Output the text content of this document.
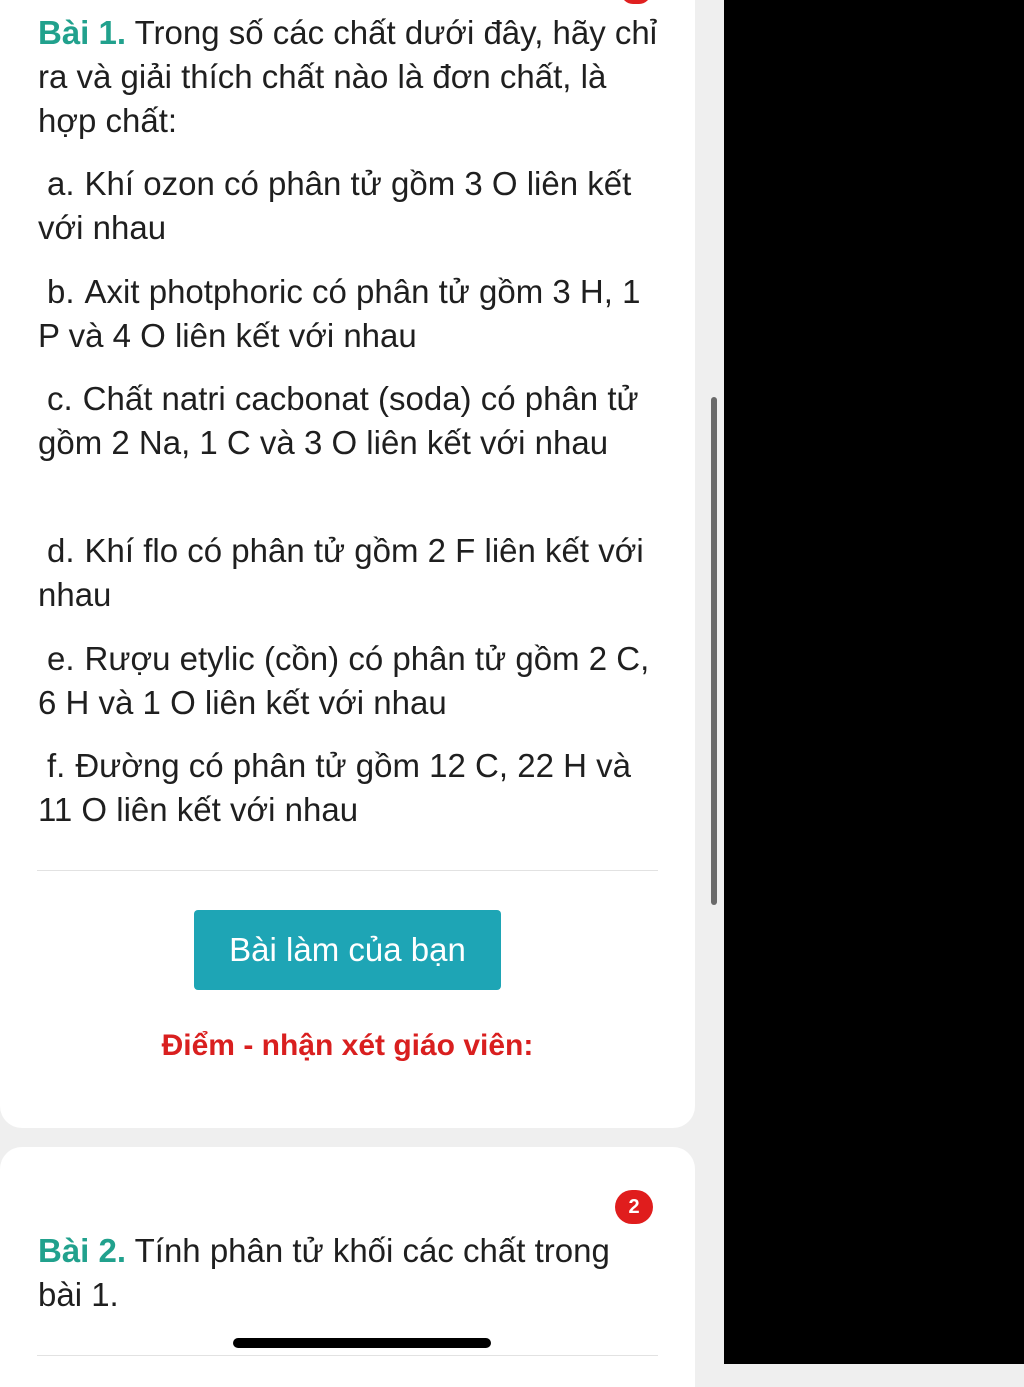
Bài 1. Trong số các chất dưới đây, hãy chỉ ra và giải thích chất nào là đơn chất, là hợp chất:

a. Khí ozon có phân tử gồm 3 O liên kết với nhau

b. Axit photphoric có phân tử gồm 3 H, 1 P và 4 O liên kết với nhau

c. Chất natri cacbonat (soda) có phân tử gồm 2 Na, 1 C và 3 O liên kết với nhau

d. Khí flo có phân tử gồm 2 F liên kết với nhau

e. Rượu etylic (cồn) có phân tử gồm 2 C, 6 H và 1 O liên kết với nhau

f. Đường có phân tử gồm 12 C, 22 H và 11 O liên kết với nhau

Bài làm của bạn
Điểm - nhận xét giáo viên:
2

Bài 2. Tính phân tử khối các chất trong bài 1.
